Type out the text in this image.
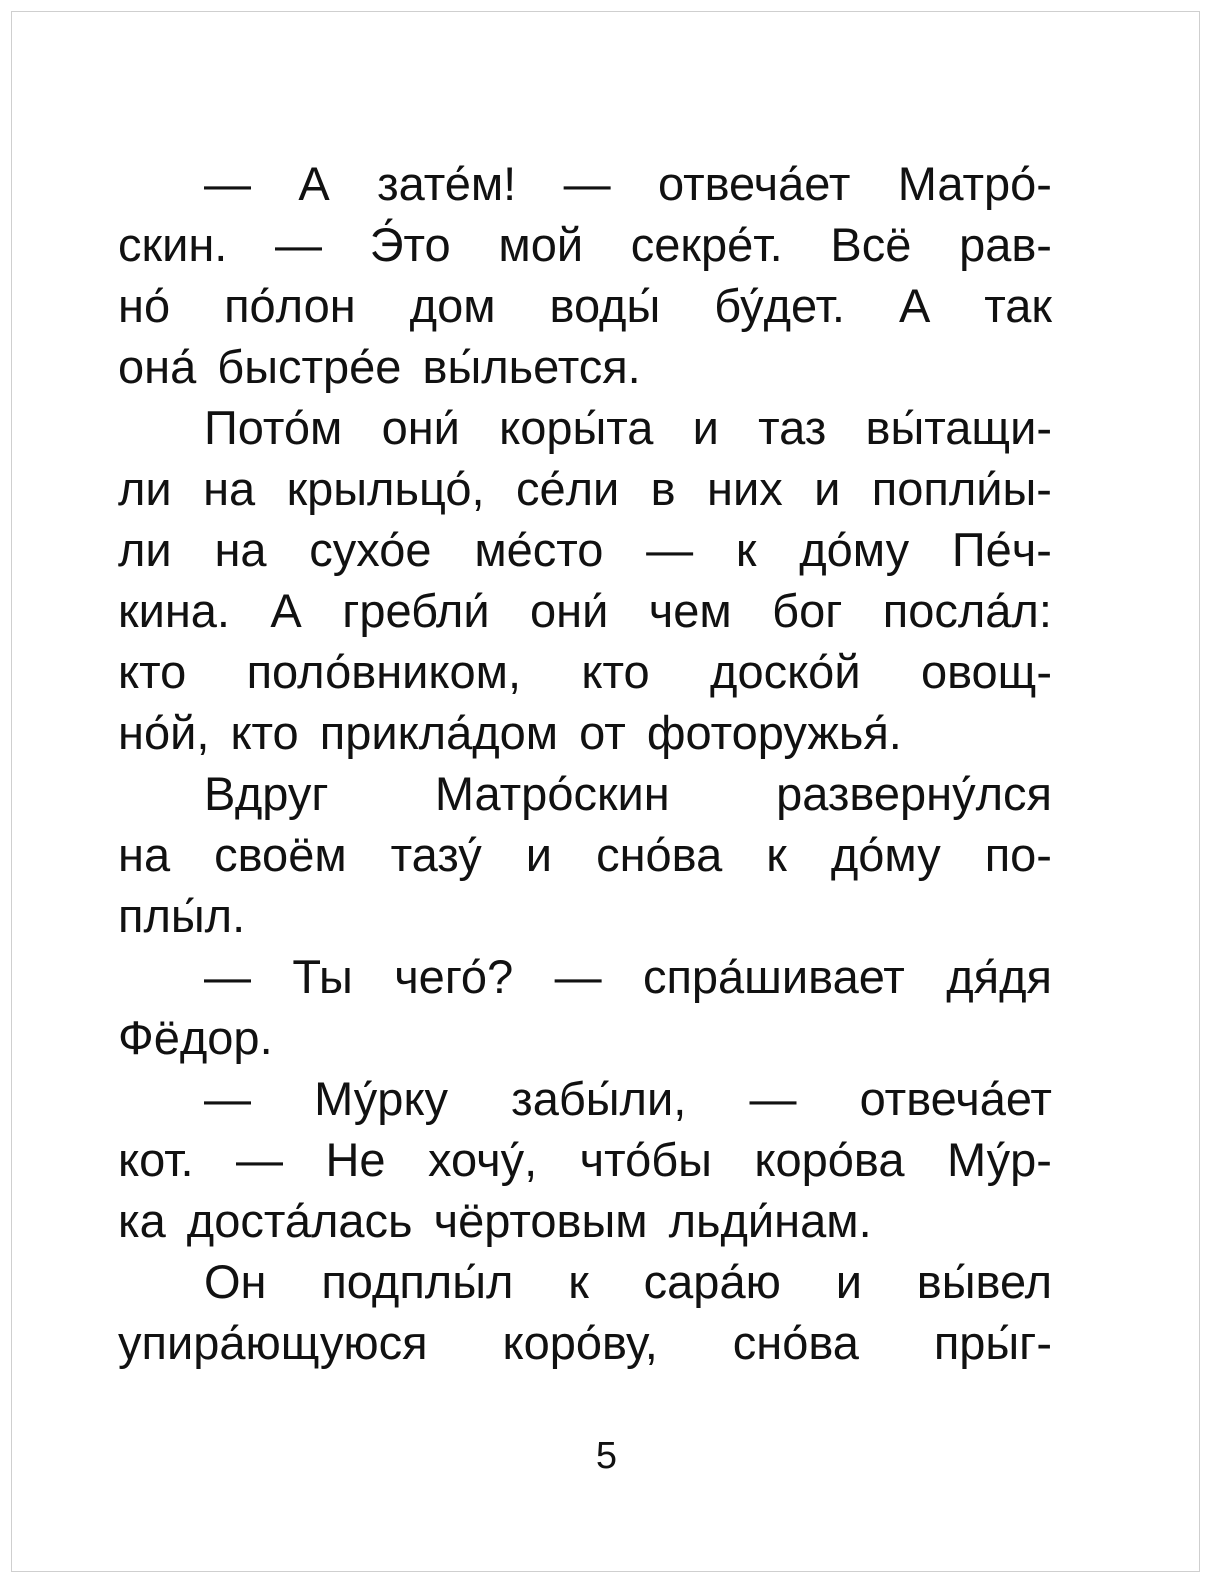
— А зате́м! — отвеча́ет Матро́-
скин. — Э́то мой секре́т. Всё рав-
но́ по́лон дом воды́ бу́дет. А так
она́ быстре́е вы́льется.
Пото́м они́ коры́та и таз вы́тащи-
ли на крыльцо́, се́ли в них и попли́ы-
ли на сухо́е ме́сто — к до́му Пе́ч-
кина. А гребли́ они́ чем бог посла́л:
кто поло́вником, кто доско́й овощ-
но́й, кто прикла́дом от фоторужья́.
Вдруг Матро́скин разверну́лся
на своём тазу́ и сно́ва к до́му по-
плы́л.
— Ты чего́? — спра́шивает дя́дя
Фёдор.
— Му́рку забы́ли, — отвеча́ет
кот. — Не хочу́, что́бы коро́ва Му́р-
ка доста́лась чёртовым льди́нам.
Он подплы́л к сара́ю и вы́вел
упира́ющуюся коро́ву, сно́ва пры́г-
5
